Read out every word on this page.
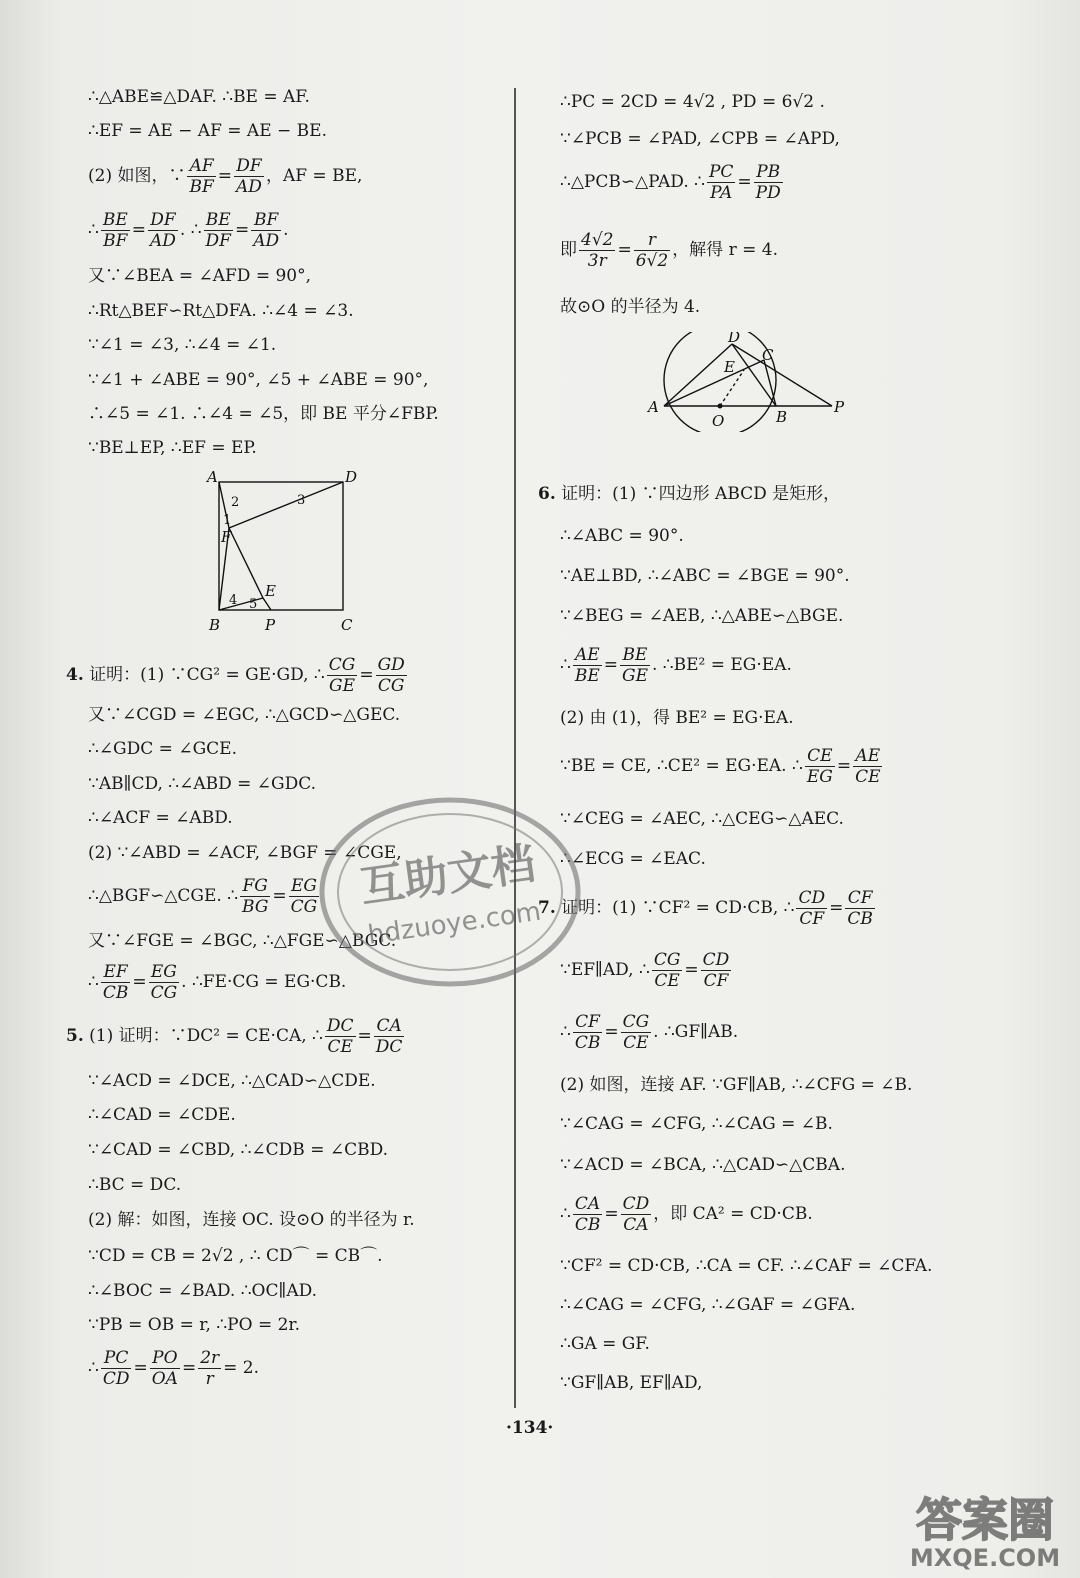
∴△ABE≌△DAF. ∴BE = AF.
∴EF = AE − AF = AE − BE.
(2) 如图，∵ $\frac{AF}{BF} = \frac{DF}{AD}$ ，AF = BE,
∴ $\frac{BE}{BF} = \frac{DF}{AD}$ . ∴ $\frac{BE}{DF} = \frac{BF}{AD}$ .
又∵∠BEA = ∠AFD = 90°,
∴Rt△BEF∽Rt△DFA. ∴∠4 = ∠3.
∵∠1 = ∠3, ∴∠4 = ∠1.
∵∠1 + ∠ABE = 90°, ∠5 + ∠ABE = 90°,
∴∠5 = ∠1. ∴∠4 = ∠5，即 BE 平分∠FBP.
∵BE⊥EP, ∴EF = EP.
A	D
B	P	C
E
F
1
2	3
4 5
4. 证明：(1) ∵CG² = GE·GD, ∴ $\frac{CG}{GE} = \frac{GD}{CG}$
又∵∠CGD = ∠EGC, ∴△GCD∽△GEC.
∴∠GDC = ∠GCE.
∵AB∥CD, ∴∠ABD = ∠GDC.
∴∠ACF = ∠ABD.
(2) ∵∠ABD = ∠ACF, ∠BGF = ∠CGE,
∴△BGF∽△CGE. ∴ $\frac{FG}{BG} = \frac{EG}{CG}$
又∵∠FGE = ∠BGC, ∴△FGE∽△BGC.
∴ $\frac{EF}{CB} = \frac{EG}{CG}$ . ∴FE·CG = EG·CB.
5. (1) 证明：∵DC² = CE·CA, ∴ $\frac{DC}{CE} = \frac{CA}{DC}$
∵∠ACD = ∠DCE, ∴△CAD∽△CDE.
∴∠CAD = ∠CDE.
∵∠CAD = ∠CBD, ∴∠CDB = ∠CBD.
∴BC = DC.
(2) 解：如图，连接 OC. 设⊙O 的半径为 r.
∵CD = CB = 2√2 , ∴ CD⌒ = CB⌒.
∴∠BOC = ∠BAD. ∴OC∥AD.
∵PB = OB = r, ∴PO = 2r.
∴ $\frac{PC}{CD} = \frac{PO}{OA} = \frac{2r}{r} = 2$.
∴PC = 2CD = 4√2 , PD = 6√2 .
∵∠PCB = ∠PAD, ∠CPB = ∠APD,
∴△PCB∽△PAD. ∴ $\frac{PC}{PA} = \frac{PB}{PD}$
即 $\frac{4√2}{3r} = \frac{r}{6√2}$ ，解得 r = 4.
故⊙O 的半径为 4.
D
C
E
A
O	B
P
6. 证明：(1) ∵四边形 ABCD 是矩形，
∴∠ABC = 90°.
∵AE⊥BD, ∴∠ABC = ∠BGE = 90°.
∵∠BEG = ∠AEB, ∴△ABE∽△BGE.
∴ $\frac{AE}{BE} = \frac{BE}{GE}$ . ∴BE² = EG·EA.
(2) 由 (1)，得 BE² = EG·EA.
∵BE = CE, ∴CE² = EG·EA. ∴ $\frac{CE}{EG} = \frac{AE}{CE}$
∵∠CEG = ∠AEC, ∴△CEG∽△AEC.
∴∠ECG = ∠EAC.
7. 证明：(1) ∵CF² = CD·CB, ∴ $\frac{CD}{CF} = \frac{CF}{CB}$
∵EF∥AD, ∴ $\frac{CG}{CE} = \frac{CD}{CF}$
∴ $\frac{CF}{CB} = \frac{CG}{CE}$ . ∴GF∥AB.
(2) 如图，连接 AF. ∵GF∥AB, ∴∠CFG = ∠B.
∵∠CAG = ∠CFG, ∴∠CAG = ∠B.
∵∠ACD = ∠BCA, ∴△CAD∽△CBA.
∴ $\frac{CA}{CB} = \frac{CD}{CA}$ ，即 CA² = CD·CB.
∵CF² = CD·CB, ∴CA = CF. ∴∠CAF = ∠CFA.
∴∠CAG = ∠CFG, ∴∠GAF = ∠GFA.
∴GA = GF.
∵GF∥AB, EF∥AD,
·134·
互助文档
hdzuoye.com
答案圈
MXQE.COM
